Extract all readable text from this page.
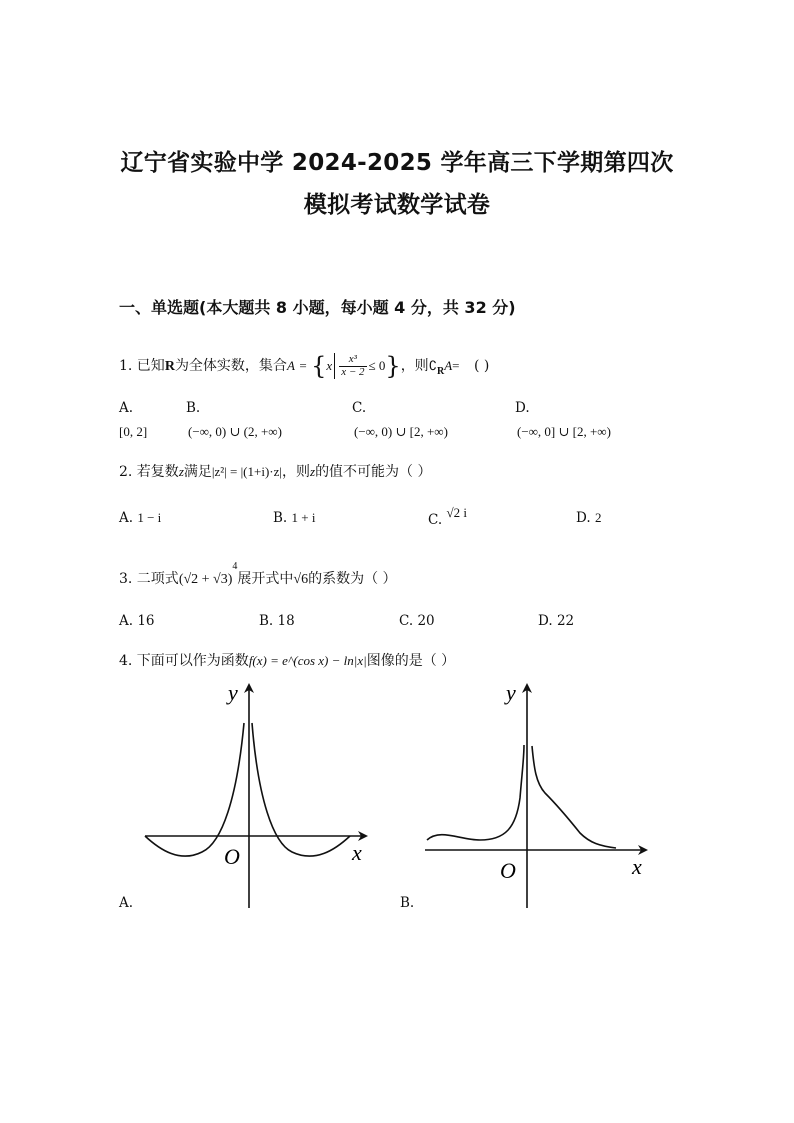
辽宁省实验中学 2024-2025 学年高三下学期第四次
模拟考试数学试卷
一、单选题(本大题共 8 小题，每小题 4 分，共 32 分)
1. 已知R为全体实数，集合$A = \{x \frac{\text{x³}}{x - 2} \le 0\}$，则$∁_RA=$ ( )
A.
[0, 2]
B.
(−∞, 0) ∪ (2, +∞)
C.
(−∞, 0) ∪ [2, +∞)
D.
(−∞, 0] ∪ [2, +∞)
2. 若复数z满足|z²| = |(1+i)·z|，则z的值不可能为（ ）
A. 1 − i	B. 1 + i	C. √2 i	D. 2
3. 二项式$(√2 + √3)^4$展开式中√6的系数为（ ）
A. 16	B. 18	C. 20	D. 22
4. 下面可以作为函数f(x) = e^(cos x) − ln|x|图像的是（ ）
y
x
O
A.
y
x
O
B.
